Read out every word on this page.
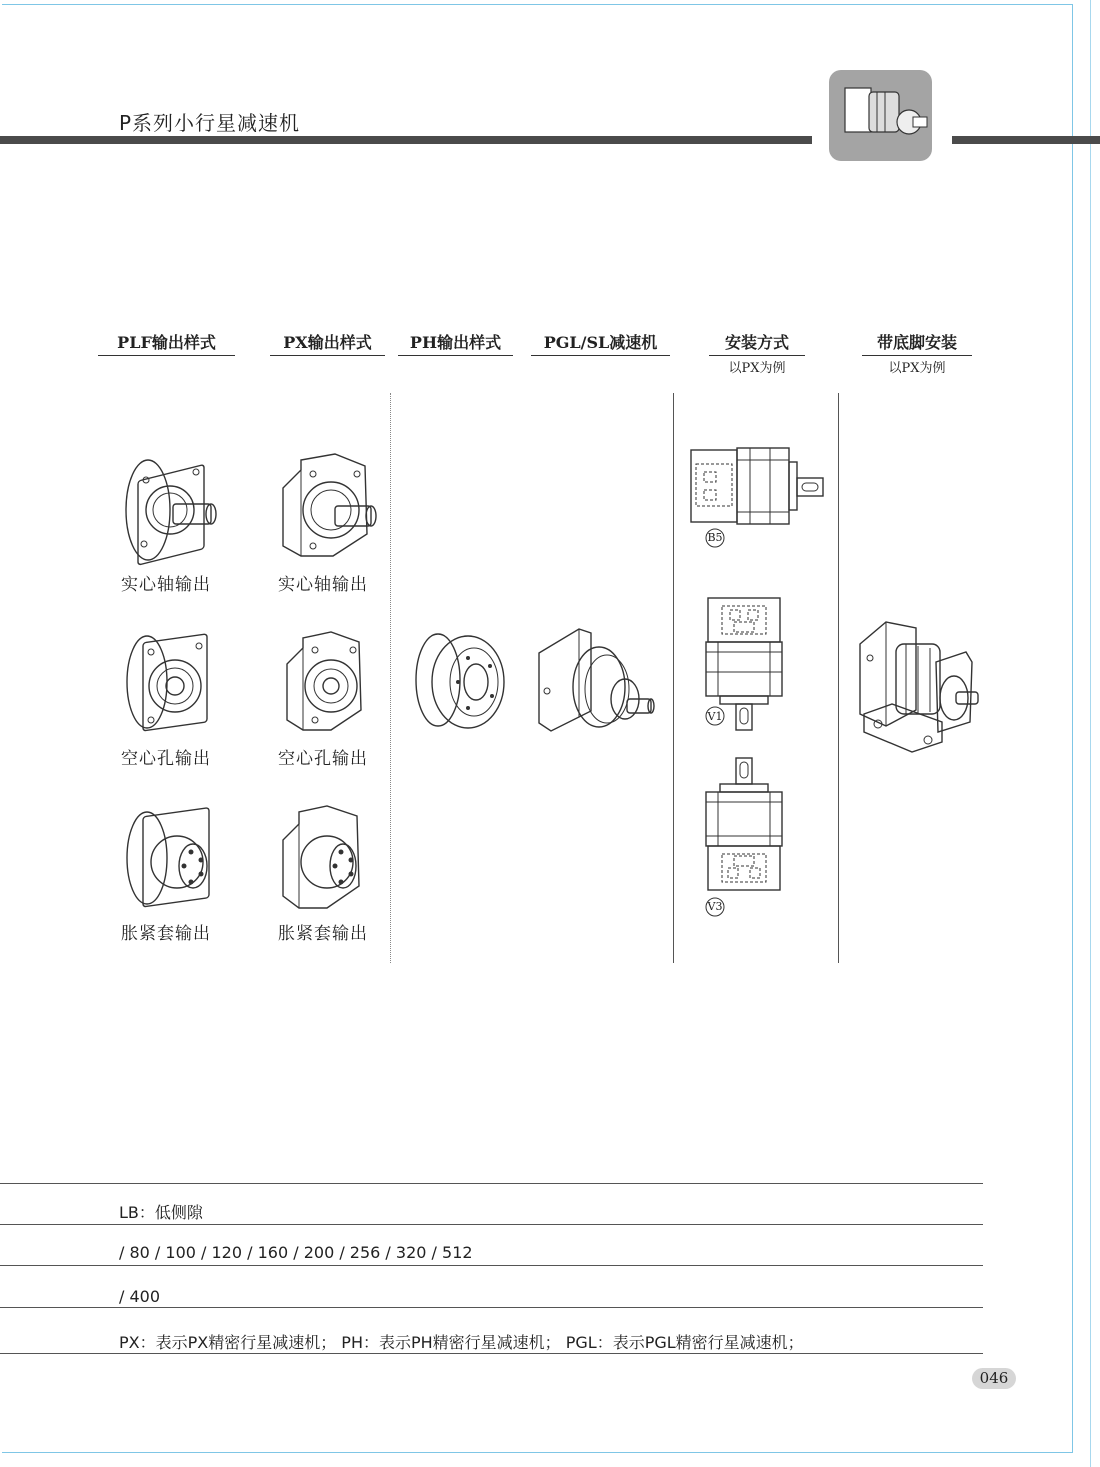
P系列小行星减速机
PLF输出样式	PX输出样式	PH输出样式	PGL/SL减速机	安装方式
以PX为例
带底脚安装
以PX为例
实心轴输出
空心孔输出
胀紧套输出
实心轴输出
空心孔输出
胀紧套输出
B5
V1
V3
LB：低侧隙
/ 80 / 100 / 120 / 160 / 200 / 256 / 320 / 512
/ 400
PX：表示PX精密行星减速机； PH：表示PH精密行星减速机； PGL：表示PGL精密行星减速机；
046
